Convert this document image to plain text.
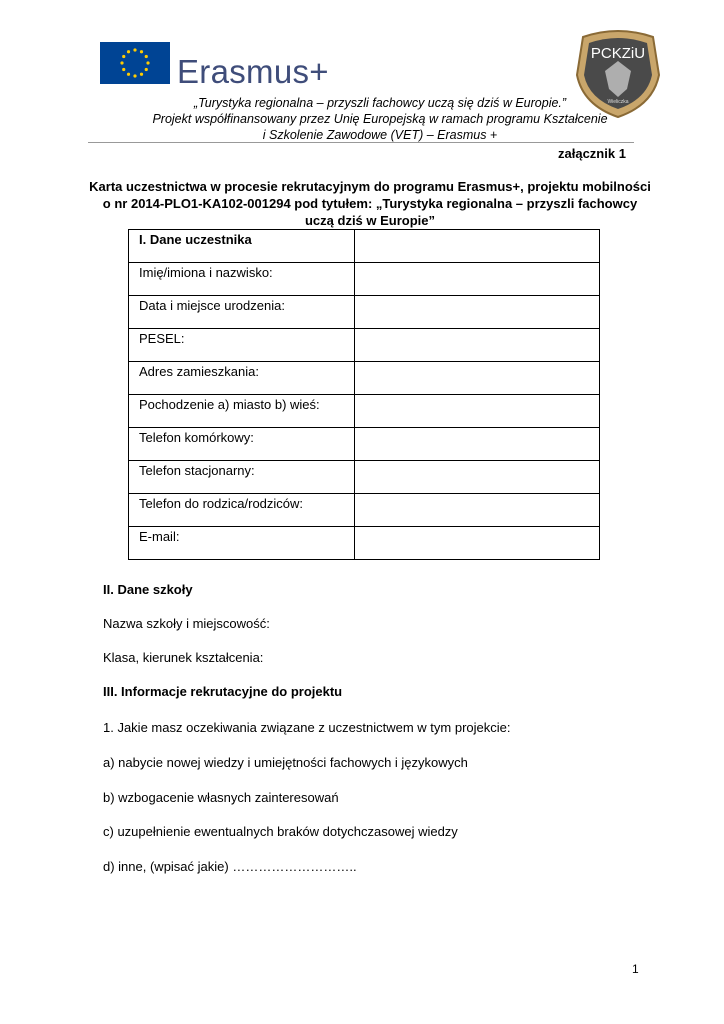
Erasmus+	PCKZiU
Wieliczka
„Turystyka regionalna – przyszli fachowcy uczą się dziś w Europie.”
Projekt współfinansowany przez Unię Europejską w ramach programu Kształcenie
i Szkolenie Zawodowe (VET) – Erasmus +
załącznik 1
Karta uczestnictwa w procesie rekrutacyjnym do programu Erasmus+, projektu mobilności
o nr 2014-PLO1-KA102-001294 pod tytułem: „Turystyka regionalna – przyszli fachowcy
uczą dziś w Europie”
I. Dane uczestnika	
Imię/imiona i nazwisko:	
Data i miejsce urodzenia:	
PESEL:	
Adres zamieszkania:	
Pochodzenie a) miasto b) wieś:	
Telefon komórkowy:	
Telefon stacjonarny:	
Telefon do rodzica/rodziców:	
E-mail:	
II. Dane szkoły
Nazwa szkoły i miejscowość:
Klasa, kierunek kształcenia:
III. Informacje rekrutacyjne do projektu
1. Jakie masz oczekiwania związane z uczestnictwem w tym projekcie:
a) nabycie nowej wiedzy i umiejętności fachowych i językowych
b) wzbogacenie własnych zainteresowań
c) uzupełnienie ewentualnych braków dotychczasowej wiedzy
d) inne, (wpisać jakie) ………………………..
1
